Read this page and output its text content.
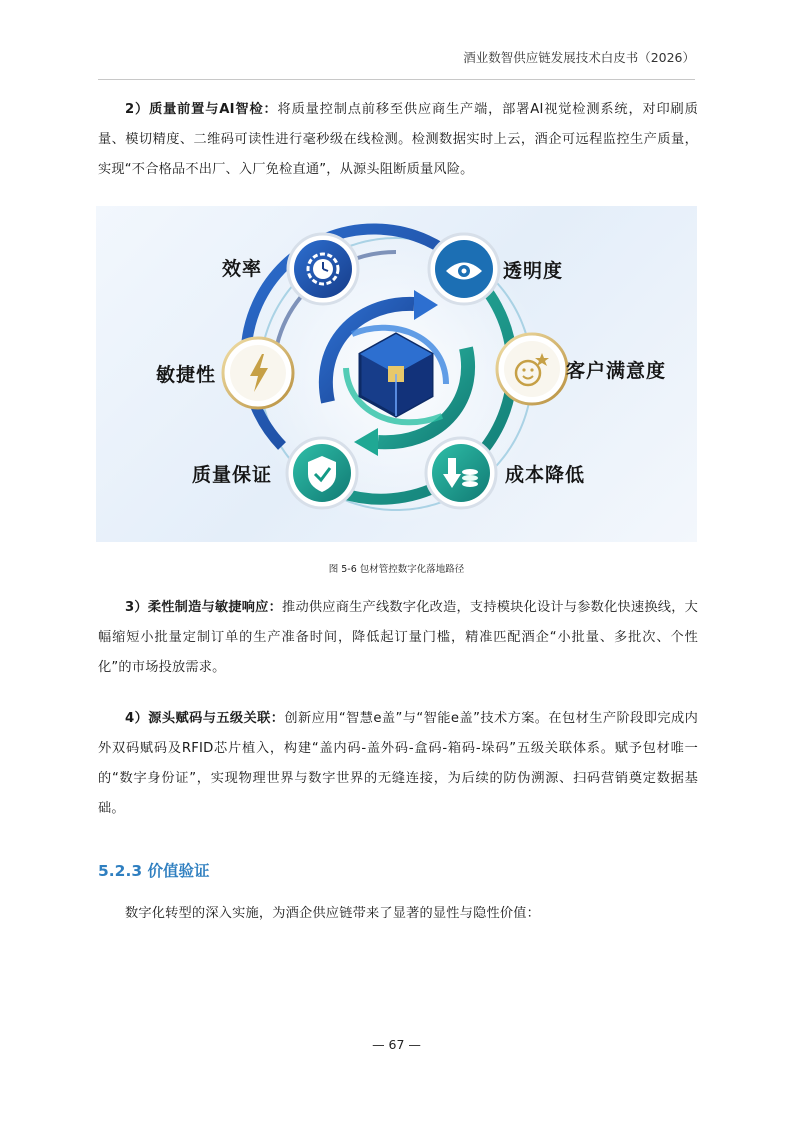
酒业数智供应链发展技术白皮书（2026）
2）质量前置与AI智检：将质量控制点前移至供应商生产端，部署AI视觉检测系统，对印刷质量、模切精度、二维码可读性进行毫秒级在线检测。检测数据实时上云，酒企可远程监控生产质量，实现“不合格品不出厂、入厂免检直通”，从源头阻断质量风险。
效率	透明度
敏捷性	客户满意度
质量保证	成本降低
图 5-6 包材管控数字化落地路径
3）柔性制造与敏捷响应：推动供应商生产线数字化改造，支持模块化设计与参数化快速换线，大幅缩短小批量定制订单的生产准备时间，降低起订量门槛，精准匹配酒企“小批量、多批次、个性化”的市场投放需求。
4）源头赋码与五级关联：创新应用“智慧e盖”与“智能e盖”技术方案。在包材生产阶段即完成内外双码赋码及RFID芯片植入，构建“盖内码-盖外码-盒码-箱码-垛码”五级关联体系。赋予包材唯一的“数字身份证”，实现物理世界与数字世界的无缝连接，为后续的防伪溯源、扫码营销奠定数据基础。
5.2.3 价值验证
数字化转型的深入实施，为酒企供应链带来了显著的显性与隐性价值：
— 67 —
